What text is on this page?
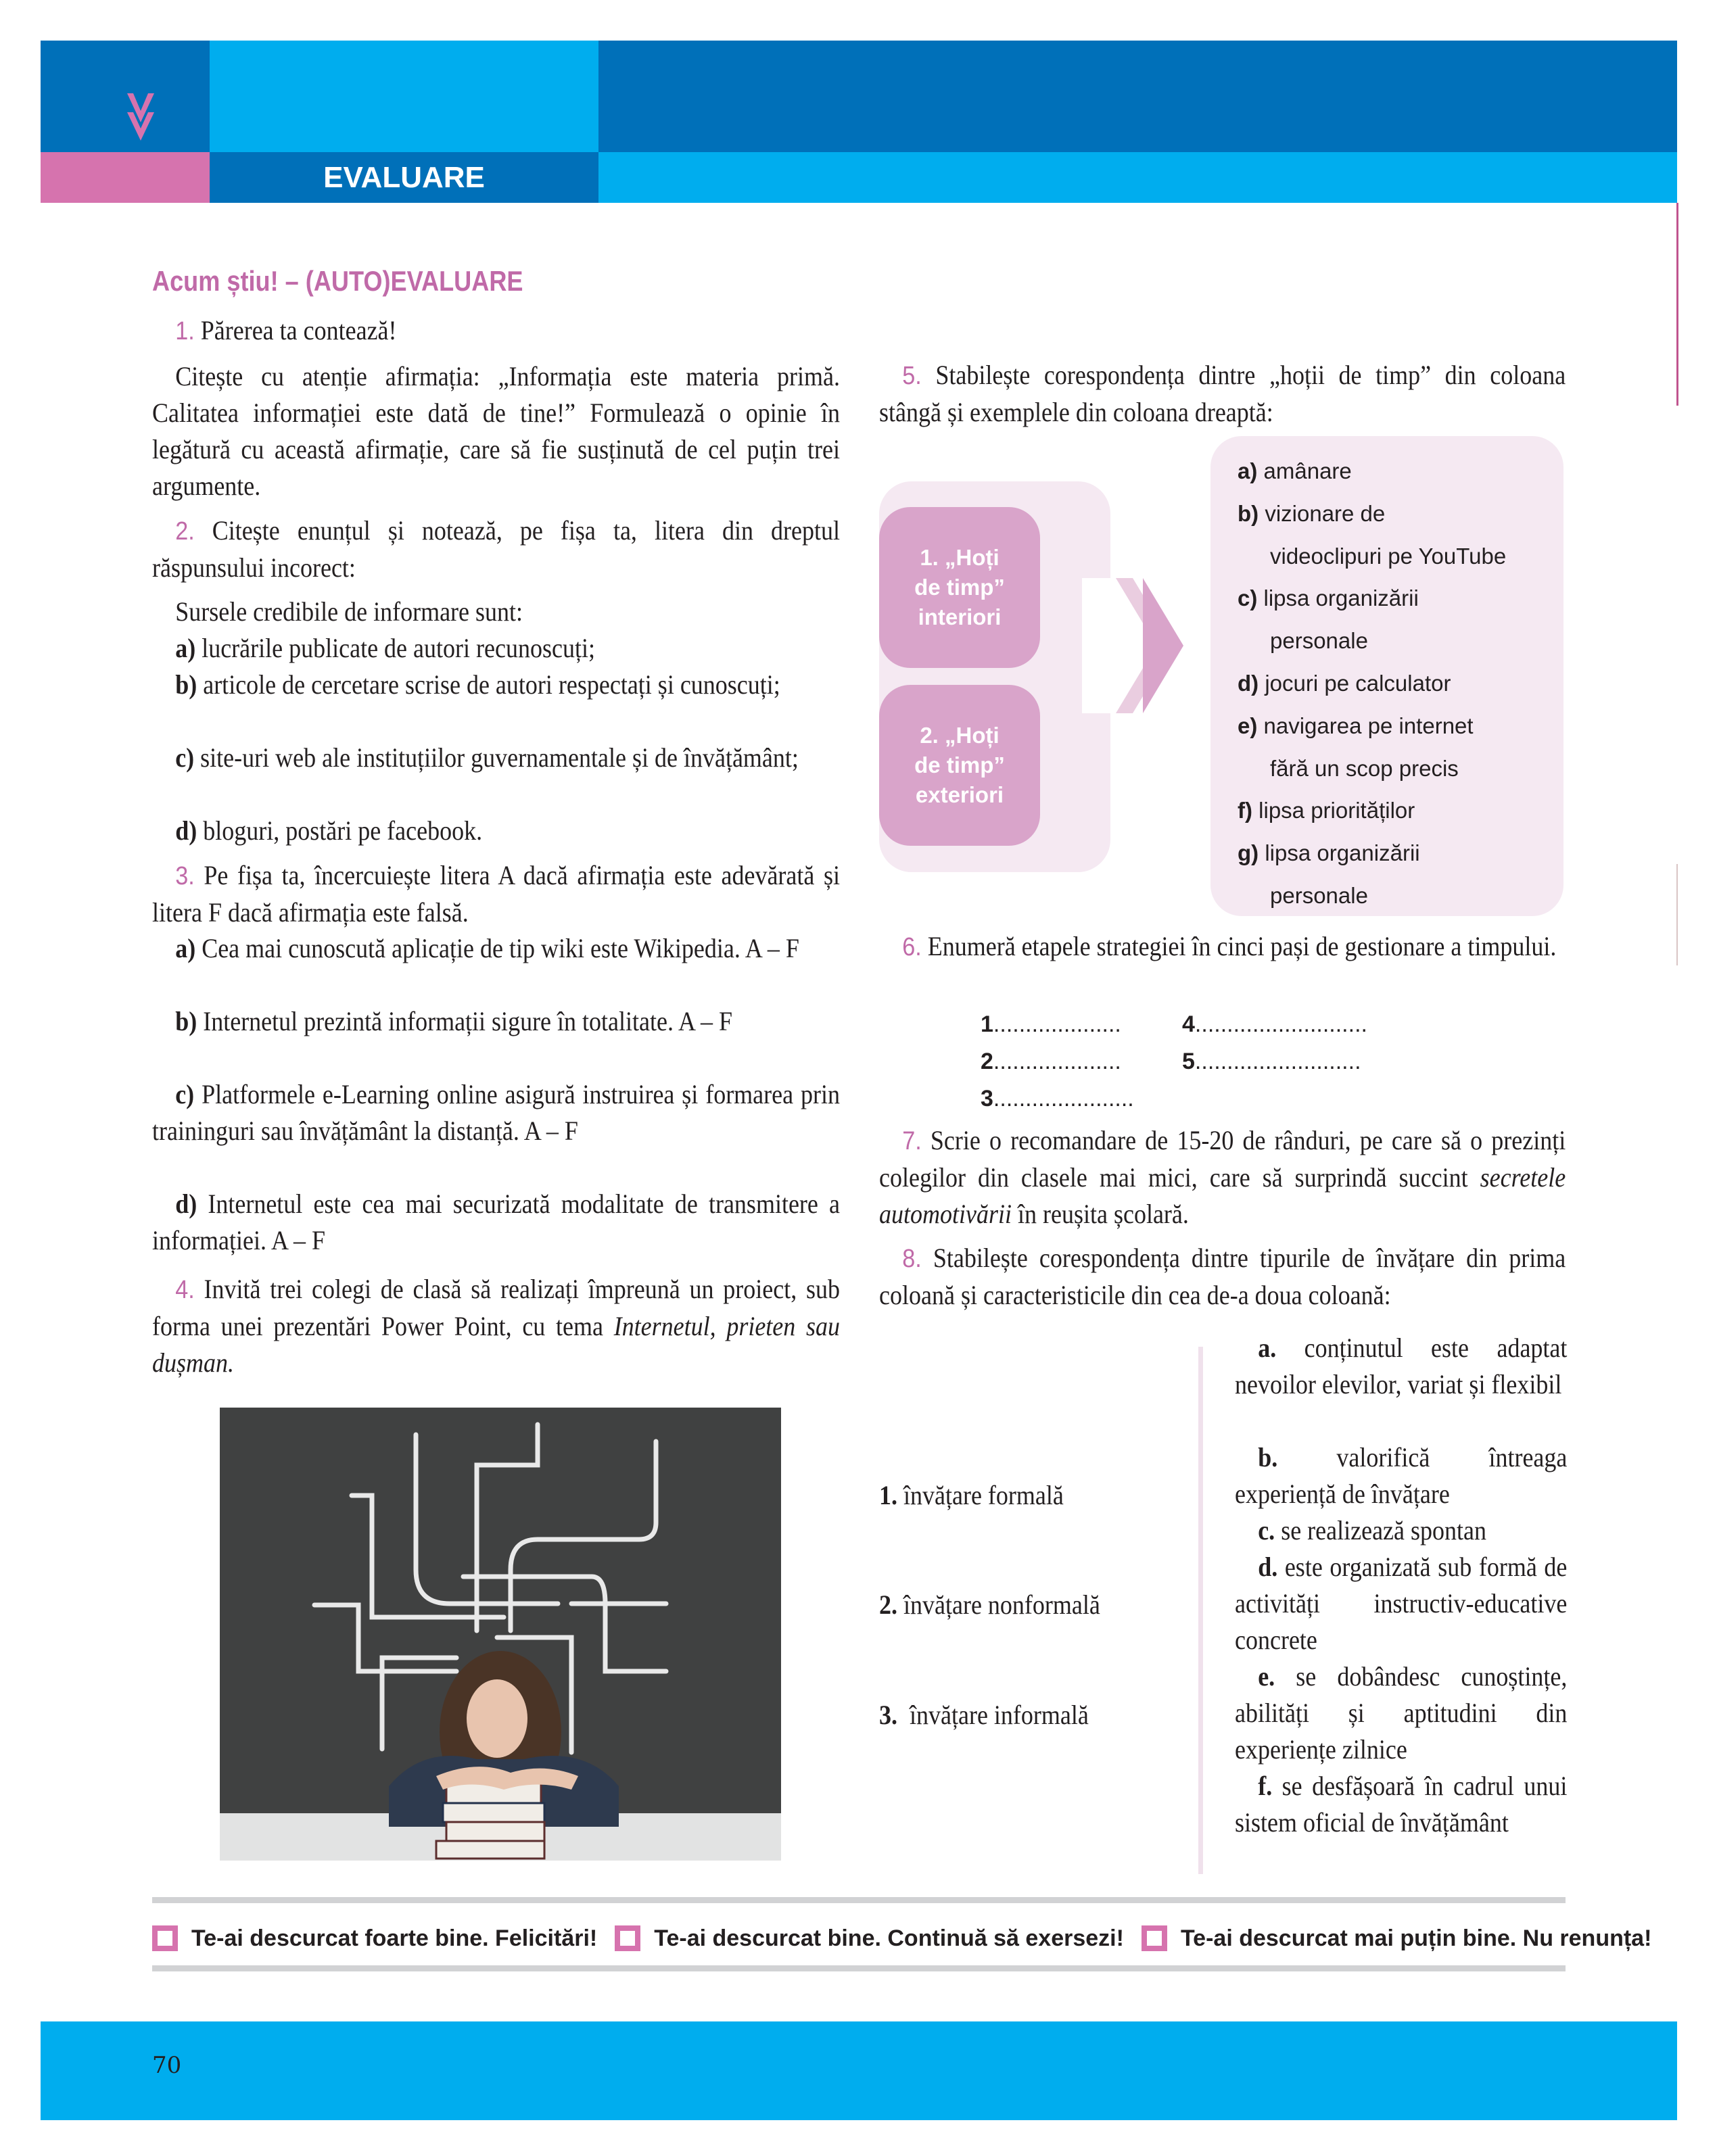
EVALUARE
Acum știu! – (AUTO)EVALUARE

1. Părerea ta contează!

Citește cu atenție afirmația: „Informația este materia primă. Calitatea informației este dată de tine!” Formulează o opinie în legătură cu această afirmație, care să fie susținută de cel puțin trei argumente.

2. Citește enunțul și notează, pe fișa ta, litera din dreptul răspunsului incorect:

Sursele credibile de informare sunt:

a) lucrările publicate de autori recunoscuți;

b) articole de cercetare scrise de autori respectați și cunoscuți;

c) site-uri web ale instituțiilor guvernamentale și de învățământ;

d) bloguri, postări pe facebook.

3. Pe fișa ta, încercuiește litera A dacă afirmația este adevărată și litera F dacă afirmația este falsă.

a) Cea mai cunoscută aplicație de tip wiki este Wikipedia. A – F

b) Internetul prezintă informații sigure în totalitate. A – F

c) Platformele e-Learning online asigură instruirea și formarea prin traininguri sau învățământ la distanță. A – F

d) Internetul este cea mai securizată modalitate de transmitere a informației. A – F

4. Invită trei colegi de clasă să realizați împreună un proiect, sub forma unei prezentări Power Point, cu tema Internetul, prieten sau dușman.

5. Stabilește corespondența dintre „hoții de timp” din coloana stângă și exemplele din coloana dreaptă:

1. „Hoți
de timp”
interiori
2. „Hoți
de timp”
exteriori
a) amânare
b) vizionare de
videoclipuri pe YouTube
c) lipsa organizării
personale
d) jocuri pe calculator
e) navigarea pe internet
fără un scop precis
f) lipsa priorităților
g) lipsa organizării
personale

6. Enumeră etapele strategiei în cinci pași de gestionare a timpului.

1....................
2....................
3......................
4...........................
5..........................

7. Scrie o recomandare de 15-20 de rânduri, pe care să o prezinți colegilor din clasele mai mici, care să surprindă succint secretele automotivării în reușita școlară.

8. Stabilește corespondența dintre tipurile de învățare din prima coloană și caracteristicile din cea de-a doua coloană:

1. învățare formală
2. învățare nonformală
3. învățare informală

a. conținutul este adaptat nevoilor elevilor, variat și flexibil

b. valorifică întreaga experiență de învățare

c. se realizează spontan

d. este organizată sub formă de activități instructiv-educative concrete

e. se dobândesc cunoștințe, abilități și aptitudini din experiențe zilnice

f. se desfășoară în cadrul unui sistem oficial de învățământ

Te-ai descurcat foarte bine. Felicitări! Te-ai descurcat bine. Continuă să exersezi! Te-ai descurcat mai puțin bine. Nu renunța!
70
